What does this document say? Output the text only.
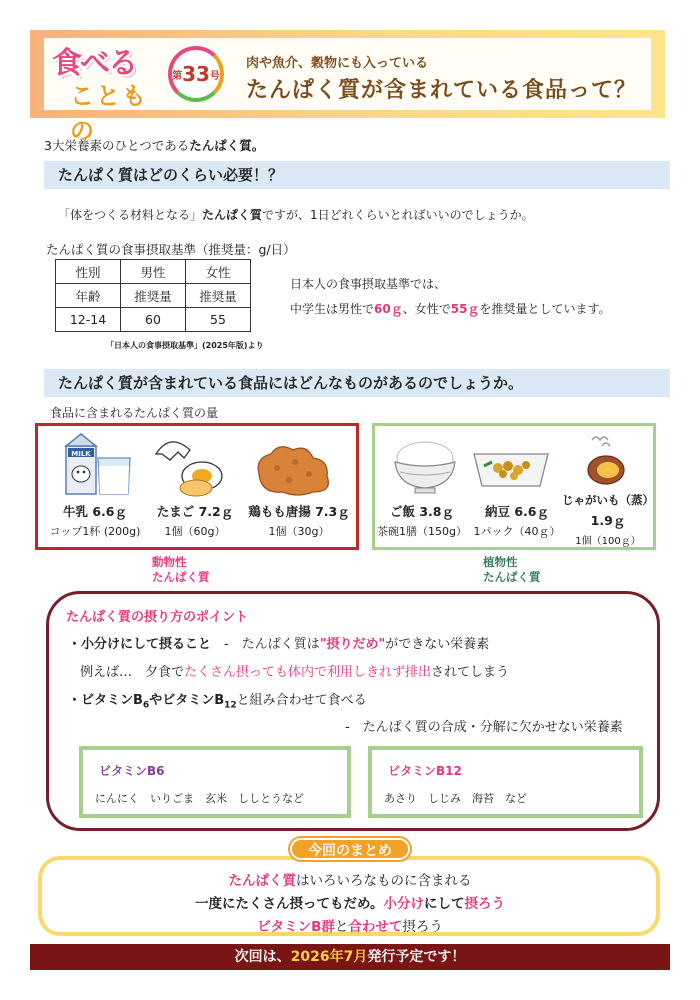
食べる
こともの
第 33 号
肉や魚介、穀物にも入っている
たんぱく質が含まれている食品って？
3大栄養素のひとつであるたんぱく質。
たんぱく質はどのくらい必要！？
「体をつくる材料となる」たんぱく質ですが、1日どれくらいとればいいのでしょうか。
たんぱく質の食事摂取基準（推奨量：g/日）
性別	男性	女性
年齢	推奨量	推奨量
12-14	60	55
「日本人の食事摂取基準」(2025年版)より
日本人の食事摂取基準では、
中学生は男性で60ｇ、女性で55ｇを推奨量としています。
たんぱく質が含まれている食品にはどんなものがあるのでしょうか。
食品に含まれるたんぱく質の量
MILK
牛乳 6.6ｇ
コップ1杯 (200g)
たまご 7.2ｇ
1個（60g）
鶏もも唐揚 7.3ｇ
1個（30g）
ご飯 3.8ｇ
茶碗1膳（150g）
納豆 6.6ｇ
1パック（40ｇ）
じゃがいも（蒸）
1.9ｇ
1個（100ｇ）
動物性
たんぱく質
植物性
たんぱく質
たんぱく質の摂り方のポイント
・小分けにして摂ること　-　たんぱく質は"摂りだめ"ができない栄養素
例えば…　夕食でたくさん摂っても体内で利用しきれず排出されてしまう
・ビタミン$B_6$やビタミン$B_{12}$と組み合わせて食べる
-　たんぱく質の合成・分解に欠かせない栄養素
ビタミンB6
にんにく　いりごま　玄米　ししとうなど
ビタミンB12
あさり　しじみ　海苔　など
今回のまとめ
たんぱく質はいろいろなものに含まれる
一度にたくさん摂ってもだめ。小分けにして摂ろう
ビタミンB群と合わせて摂ろう
次回は、2026年7月発行予定です！
